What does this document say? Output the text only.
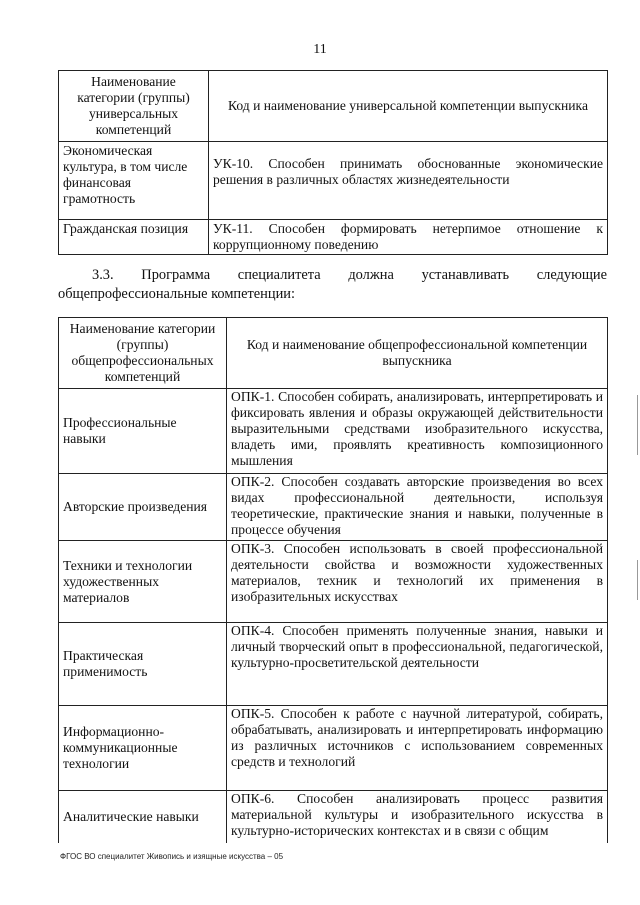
11
Наименование категории (группы) универсальных компетенций	Код и наименование универсальной компетенции выпускника
Экономическая культура, в том числе финансовая грамотность	УК-10. Способен принимать обоснованные экономические решения в различных областях жизнедеятельности
Гражданская позиция	УК-11. Способен формировать нетерпимое отношение к коррупционному поведению
3.3. Программа специалитета должна устанавливать следующие общепрофессиональные компетенции:
Наименование категории (группы) общепрофессиональных компетенций	Код и наименование общепрофессиональной компетенции выпускника
Профессиональные навыки	ОПК-1. Способен собирать, анализировать, интерпретировать и фиксировать явления и образы окружающей действительности выразительными средствами изобразительного искусства, владеть ими, проявлять креативность композиционного мышления
Авторские произведения	ОПК-2. Способен создавать авторские произведения во всех видах профессиональной деятельности, используя теоретические, практические знания и навыки, полученные в процессе обучения
Техники и технологии художественных материалов	ОПК-3. Способен использовать в своей профессиональной деятельности свойства и возможности художественных материалов, техник и технологий их применения в изобразительных искусствах
Практическая применимость	ОПК-4. Способен применять полученные знания, навыки и личный творческий опыт в профессиональной, педагогической, культурно-просветительской деятельности
Информационно-коммуникационные технологии	ОПК-5. Способен к работе с научной литературой, собирать, обрабатывать, анализировать и интерпретировать информацию из различных источников с использованием современных средств и технологий
Аналитические навыки	ОПК-6. Способен анализировать процесс развития материальной культуры и изобразительного искусства в культурно-исторических контекстах и в связи с общим
ФГОС ВО специалитет Живопись и изящные искусства – 05
